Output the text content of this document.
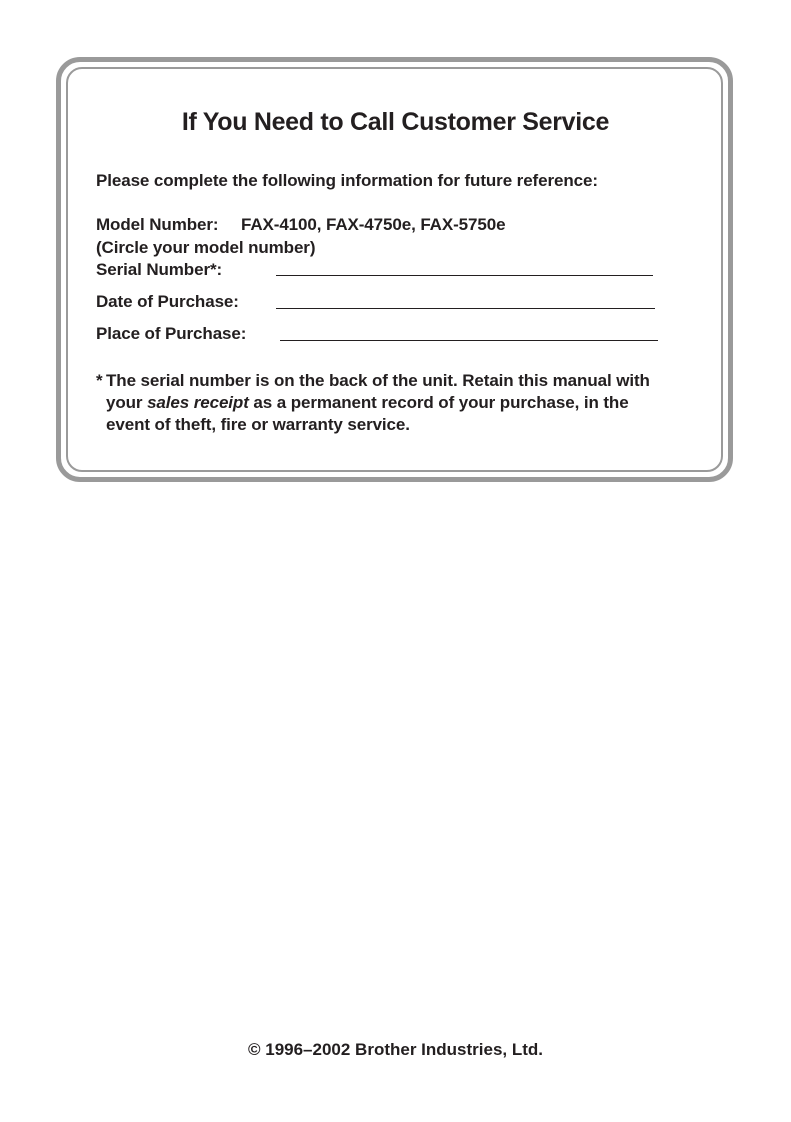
If You Need to Call Customer Service
Please complete the following information for future reference:
Model Number: FAX-4100, FAX-4750e, FAX-5750e
(Circle your model number)
Serial Number*:
Date of Purchase:
Place of Purchase:
* The serial number is on the back of the unit. Retain this manual with
your sales receipt as a permanent record of your purchase, in the
event of theft, fire or warranty service.
© 1996–2002 Brother Industries, Ltd.
